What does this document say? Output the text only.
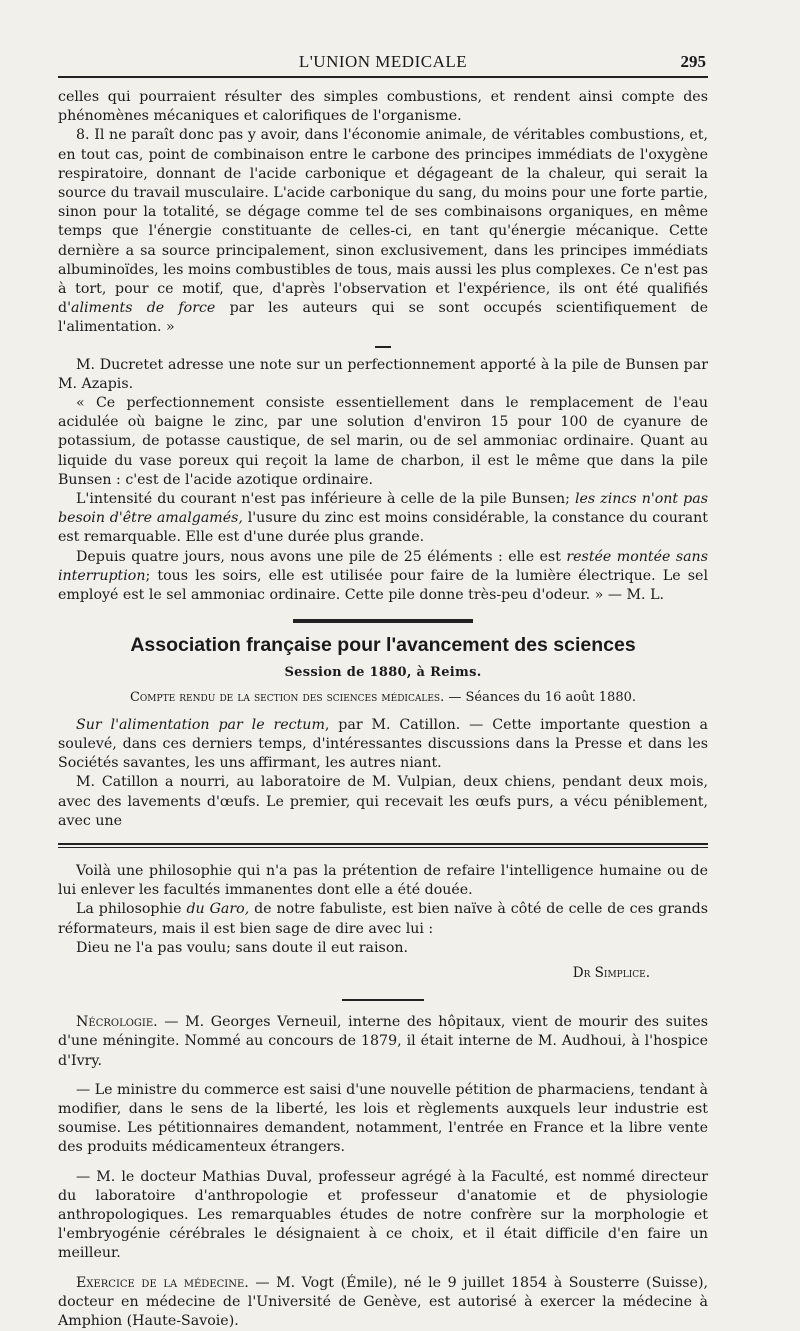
L'UNION MEDICALE	295

celles qui pourraient résulter des simples combustions, et rendent ainsi compte des phénomènes mécaniques et calorifiques de l'organisme.

8. Il ne paraît donc pas y avoir, dans l'économie animale, de véritables combustions, et, en tout cas, point de combinaison entre le carbone des principes immédiats de l'oxygène respiratoire, donnant de l'acide carbonique et dégageant de la chaleur, qui serait la source du travail musculaire. L'acide carbonique du sang, du moins pour une forte partie, sinon pour la totalité, se dégage comme tel de ses combinaisons organiques, en même temps que l'énergie constituante de celles-ci, en tant qu'énergie mécanique. Cette dernière a sa source principalement, sinon exclusivement, dans les principes immédiats albuminoïdes, les moins combustibles de tous, mais aussi les plus complexes. Ce n'est pas à tort, pour ce motif, que, d'après l'observation et l'expérience, ils ont été qualifiés d'aliments de force par les auteurs qui se sont occupés scientifiquement de l'alimentation. »

M. Ducretet adresse une note sur un perfectionnement apporté à la pile de Bunsen par M. Azapis.

« Ce perfectionnement consiste essentiellement dans le remplacement de l'eau acidulée où baigne le zinc, par une solution d'environ 15 pour 100 de cyanure de potassium, de potasse caustique, de sel marin, ou de sel ammoniac ordinaire. Quant au liquide du vase poreux qui reçoit la lame de charbon, il est le même que dans la pile Bunsen : c'est de l'acide azotique ordinaire.

L'intensité du courant n'est pas inférieure à celle de la pile Bunsen; les zincs n'ont pas besoin d'être amalgamés, l'usure du zinc est moins considérable, la constance du courant est remarquable. Elle est d'une durée plus grande.

Depuis quatre jours, nous avons une pile de 25 éléments : elle est restée montée sans interruption; tous les soirs, elle est utilisée pour faire de la lumière électrique. Le sel employé est le sel ammoniac ordinaire. Cette pile donne très-peu d'odeur. » — M. L.

Association française pour l'avancement des sciences
Session de 1880, à Reims.
Compte rendu de la section des sciences médicales. — Séances du 16 août 1880.

Sur l'alimentation par le rectum, par M. Catillon. — Cette importante question a soulevé, dans ces derniers temps, d'intéressantes discussions dans la Presse et dans les Sociétés savantes, les uns affirmant, les autres niant.

M. Catillon a nourri, au laboratoire de M. Vulpian, deux chiens, pendant deux mois, avec des lavements d'œufs. Le premier, qui recevait les œufs purs, a vécu péniblement, avec une

Voilà une philosophie qui n'a pas la prétention de refaire l'intelligence humaine ou de lui enlever les facultés immanentes dont elle a été douée.

La philosophie du Garo, de notre fabuliste, est bien naïve à côté de celle de ces grands réformateurs, mais il est bien sage de dire avec lui :

Dieu ne l'a pas voulu; sans doute il eut raison.

Dr Simplice.

Nécrologie. — M. Georges Verneuil, interne des hôpitaux, vient de mourir des suites d'une méningite. Nommé au concours de 1879, il était interne de M. Audhoui, à l'hospice d'Ivry.

— Le ministre du commerce est saisi d'une nouvelle pétition de pharmaciens, tendant à modifier, dans le sens de la liberté, les lois et règlements auxquels leur industrie est soumise. Les pétitionnaires demandent, notamment, l'entrée en France et la libre vente des produits médicamenteux étrangers.

— M. le docteur Mathias Duval, professeur agrégé à la Faculté, est nommé directeur du laboratoire d'anthropologie et professeur d'anatomie et de physiologie anthropologiques. Les remarquables études de notre confrère sur la morphologie et l'embryogénie cérébrales le désignaient à ce choix, et il était difficile d'en faire un meilleur.

Exercice de la médecine. — M. Vogt (Émile), né le 9 juillet 1854 à Sousterre (Suisse), docteur en médecine de l'Université de Genève, est autorisé à exercer la médecine à Amphion (Haute-Savoie).
